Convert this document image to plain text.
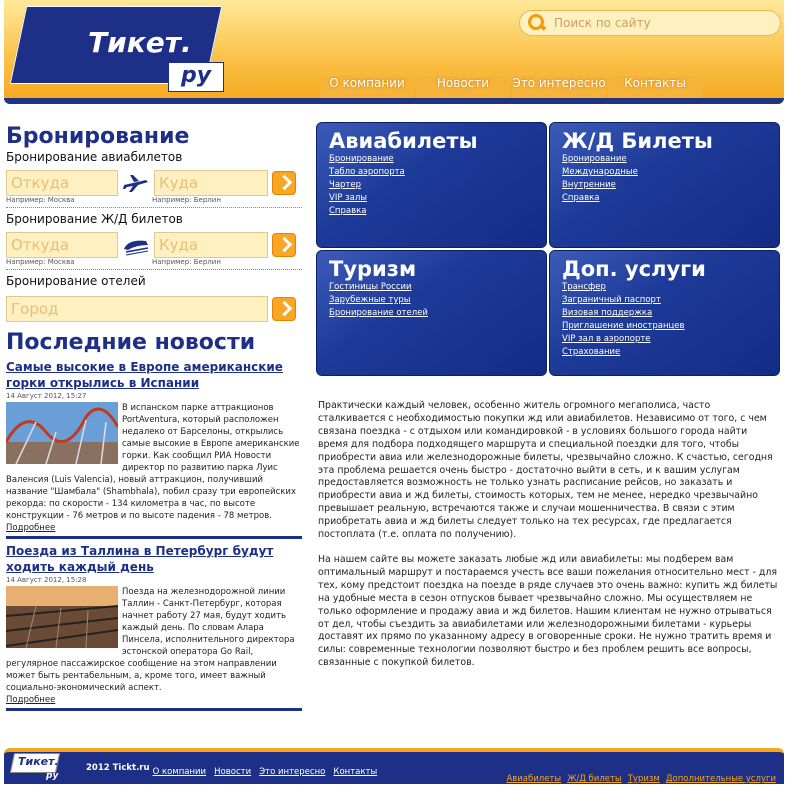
Тикет.
ру
Поиск по сайту	О компании	Новости	Это интересно	Контакты
Бронирование
Бронирование авиабилетов
Откуда	Куда
Например: Москва	Например: Берлин
Бронирование Ж/Д билетов
Откуда	Куда
Например: Москва	Например: Берлин
Бронирование отелей
Город
Последние новости
Самые высокие в Европе американские горки открылись в Испании
14 Август 2012, 15:27
В испанском парке аттракционов PortAventura, который расположен недалеко от Барселоны, открылись самые высокие в Европе американские горки. Как сообщил РИА Новости директор по развитию парка Луис Валенсия (Luis Valencia), новый аттракцион, получивший название "Шамбала" (Shambhala), побил сразу три европейских рекорда: по скорости - 134 километра в час, по высоте конструкции - 76 метров и по высоте падения - 78 метров.
Подробнее
Поезда из Таллина в Петербург будут ходить каждый день
14 Август 2012, 15:28
Поезда на железнодорожной линии Таллин - Санкт-Петербург, которая начнет работу 27 мая, будут ходить каждый день. По словам Алара Пинсела, исполнительного директора эстонской оператора Go Rail, регулярное пассажирское сообщение на этом направлении может быть рентабельным, а, кроме того, имеет важный социально-экономический аспект.
Подробнее
Авиабилеты
Бронирование
Табло аэропорта
Чартер
VIP залы
Справка
Ж/Д Билеты
Бронирование
Международные
Внутренние
Справка
Туризм
Гостиницы России
Зарубежные туры
Бронирование отелей
Доп. услуги
Трансфер
Заграничный паспорт
Визовая поддержка
Приглашение иностранцев
VIP зал в аэропорте
Страхование

Практически каждый человек, особенно житель огромного мегаполиса, часто сталкивается с необходимостью покупки жд или авиабилетов. Независимо от того, с чем связана поездка - с отдыхом или командировкой - в условиях большого города найти время для подбора подходящего маршрута и специальной поездки для того, чтобы приобрести авиа или железнодорожные билеты, чрезвычайно сложно. К счастью, сегодня эта проблема решается очень быстро - достаточно выйти в сеть, и к вашим услугам предоставляется возможность не только узнать расписание рейсов, но заказать и приобрести авиа и жд билеты, стоимость которых, тем не менее, нередко чрезвычайно превышает реальную, встречаются также и случаи мошенничества. В связи с этим приобретать авиа и жд билеты следует только на тех ресурсах, где предлагается постоплата (т.е. оплата по получению).

На нашем сайте вы можете заказать любые жд или авиабилеты: мы подберем вам оптимальный маршрут и постараемся учесть все ваши пожелания относительно мест - для тех, кому предстоит поездка на поезде в ряде случаев это очень важно: купить жд билеты на удобные места в сезон отпусков бывает чрезвычайно сложно. Мы осуществляем не только оформление и продажу авиа и жд билетов. Нашим клиентам не нужно отрываться от дел, чтобы съездить за авиабилетами или железнодорожными билетами - курьеры доставят их прямо по указанному адресу в оговоренные сроки. Не нужно тратить время и силы: современные технологии позволяют быстро и без проблем решить все вопросы, связанные с покупкой билетов.

Тикет.
ру
2012 Tickt.ru О компании Новости Это интересно Контакты
Авиабилеты Ж/Д билеты Туризм Дополнительные услуги
